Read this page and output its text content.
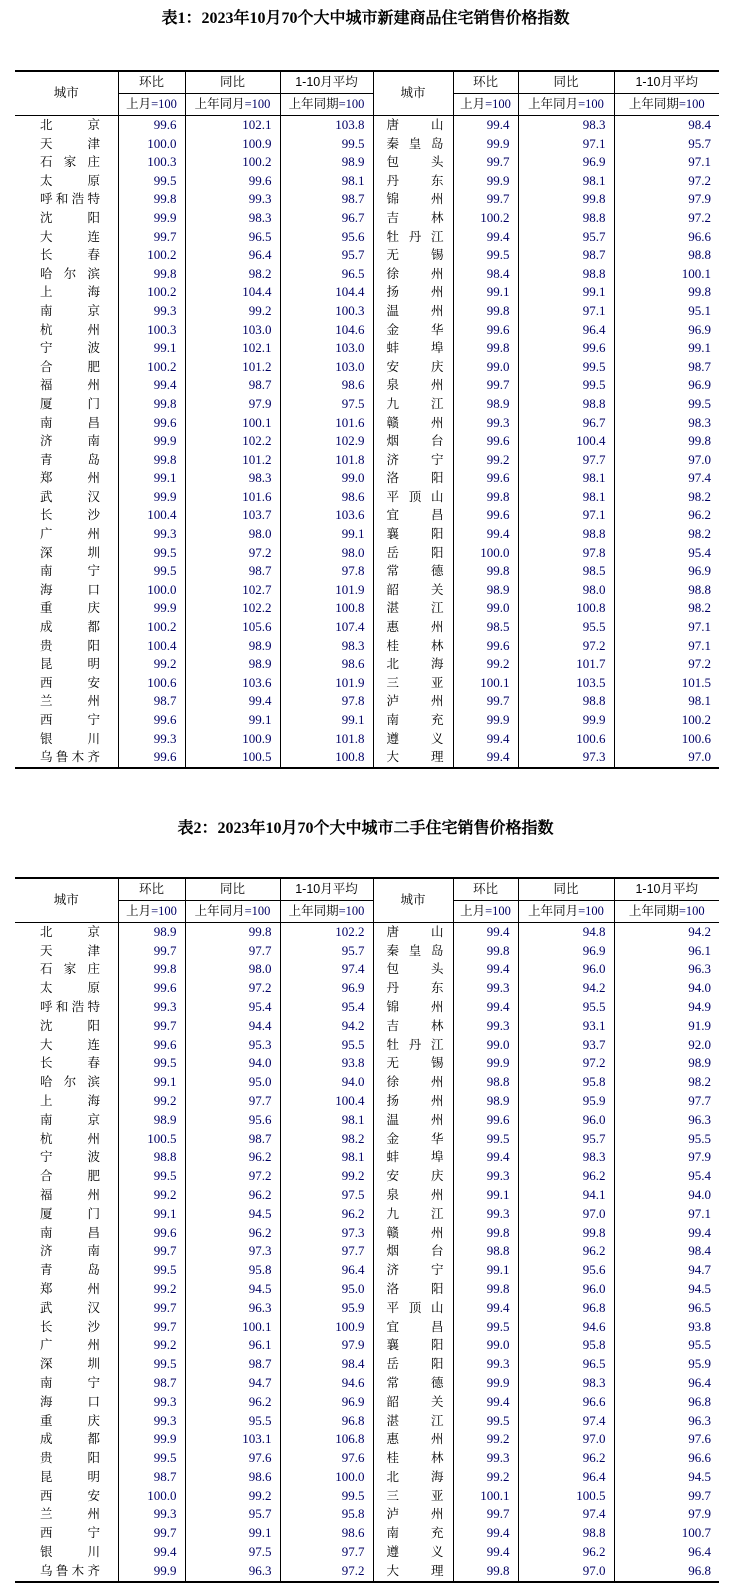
表1：2023年10月70个大中城市新建商品住宅销售价格指数
城市	环比	同比	1-10月平均	城市	环比	同比	1-10月平均
	上月=100	上年同月=100	上年同期=100		上月=100	上年同月=100	上年同期=100
北京	99.6	102.1	103.8	唐山	99.4	98.3	98.4
天津	100.0	100.9	99.5	秦皇岛	99.9	97.1	95.7
石家庄	100.3	100.2	98.9	包头	99.7	96.9	97.1
太原	99.5	99.6	98.1	丹东	99.9	98.1	97.2
呼和浩特	99.8	99.3	98.7	锦州	99.7	99.8	97.9
沈阳	99.9	98.3	96.7	吉林	100.2	98.8	97.2
大连	99.7	96.5	95.6	牡丹江	99.4	95.7	96.6
长春	100.2	96.4	95.7	无锡	99.5	98.7	98.8
哈尔滨	99.8	98.2	96.5	徐州	98.4	98.8	100.1
上海	100.2	104.4	104.4	扬州	99.1	99.1	99.8
南京	99.3	99.2	100.3	温州	99.8	97.1	95.1
杭州	100.3	103.0	104.6	金华	99.6	96.4	96.9
宁波	99.1	102.1	103.0	蚌埠	99.8	99.6	99.1
合肥	100.2	101.2	103.0	安庆	99.0	99.5	98.7
福州	99.4	98.7	98.6	泉州	99.7	99.5	96.9
厦门	99.8	97.9	97.5	九江	98.9	98.8	99.5
南昌	99.6	100.1	101.6	赣州	99.3	96.7	98.3
济南	99.9	102.2	102.9	烟台	99.6	100.4	99.8
青岛	99.8	101.2	101.8	济宁	99.2	97.7	97.0
郑州	99.1	98.3	99.0	洛阳	99.6	98.1	97.4
武汉	99.9	101.6	98.6	平顶山	99.8	98.1	98.2
长沙	100.4	103.7	103.6	宜昌	99.6	97.1	96.2
广州	99.3	98.0	99.1	襄阳	99.4	98.8	98.2
深圳	99.5	97.2	98.0	岳阳	100.0	97.8	95.4
南宁	99.5	98.7	97.8	常德	99.8	98.5	96.9
海口	100.0	102.7	101.9	韶关	98.9	98.0	98.8
重庆	99.9	102.2	100.8	湛江	99.0	100.8	98.2
成都	100.2	105.6	107.4	惠州	98.5	95.5	97.1
贵阳	100.4	98.9	98.3	桂林	99.6	97.2	97.1
昆明	99.2	98.9	98.6	北海	99.2	101.7	97.2
西安	100.6	103.6	101.9	三亚	100.1	103.5	101.5
兰州	98.7	99.4	97.8	泸州	99.7	98.8	98.1
西宁	99.6	99.1	99.1	南充	99.9	99.9	100.2
银川	99.3	100.9	101.8	遵义	99.4	100.6	100.6
乌鲁木齐	99.6	100.5	100.8	大理	99.4	97.3	97.0
表2：2023年10月70个大中城市二手住宅销售价格指数
城市	环比	同比	1-10月平均	城市	环比	同比	1-10月平均
	上月=100	上年同月=100	上年同期=100		上月=100	上年同月=100	上年同期=100
北京	98.9	99.8	102.2	唐山	99.4	94.8	94.2
天津	99.7	97.7	95.7	秦皇岛	99.8	96.9	96.1
石家庄	99.8	98.0	97.4	包头	99.4	96.0	96.3
太原	99.6	97.2	96.9	丹东	99.3	94.2	94.0
呼和浩特	99.3	95.4	95.4	锦州	99.4	95.5	94.9
沈阳	99.7	94.4	94.2	吉林	99.3	93.1	91.9
大连	99.6	95.3	95.5	牡丹江	99.0	93.7	92.0
长春	99.5	94.0	93.8	无锡	99.9	97.2	98.9
哈尔滨	99.1	95.0	94.0	徐州	98.8	95.8	98.2
上海	99.2	97.7	100.4	扬州	98.9	95.9	97.7
南京	98.9	95.6	98.1	温州	99.6	96.0	96.3
杭州	100.5	98.7	98.2	金华	99.5	95.7	95.5
宁波	98.8	96.2	98.1	蚌埠	99.4	98.3	97.9
合肥	99.5	97.2	99.2	安庆	99.3	96.2	95.4
福州	99.2	96.2	97.5	泉州	99.1	94.1	94.0
厦门	99.1	94.5	96.2	九江	99.3	97.0	97.1
南昌	99.6	96.2	97.3	赣州	99.8	99.8	99.4
济南	99.7	97.3	97.7	烟台	98.8	96.2	98.4
青岛	99.5	95.8	96.4	济宁	99.1	95.6	94.7
郑州	99.2	94.5	95.0	洛阳	99.8	96.0	94.5
武汉	99.7	96.3	95.9	平顶山	99.4	96.8	96.5
长沙	99.7	100.1	100.9	宜昌	99.5	94.6	93.8
广州	99.2	96.1	97.9	襄阳	99.0	95.8	95.5
深圳	99.5	98.7	98.4	岳阳	99.3	96.5	95.9
南宁	98.7	94.7	94.6	常德	99.9	98.3	96.4
海口	99.3	96.2	96.9	韶关	99.4	96.6	96.8
重庆	99.3	95.5	96.8	湛江	99.5	97.4	96.3
成都	99.9	103.1	106.8	惠州	99.2	97.0	97.6
贵阳	99.5	97.6	97.6	桂林	99.3	96.2	96.6
昆明	98.7	98.6	100.0	北海	99.2	96.4	94.5
西安	100.0	99.2	99.5	三亚	100.1	100.5	99.7
兰州	99.3	95.7	95.8	泸州	99.7	97.4	97.9
西宁	99.7	99.1	98.6	南充	99.4	98.8	100.7
银川	99.4	97.5	97.7	遵义	99.4	96.2	96.4
乌鲁木齐	99.9	96.3	97.2	大理	99.8	97.0	96.8
